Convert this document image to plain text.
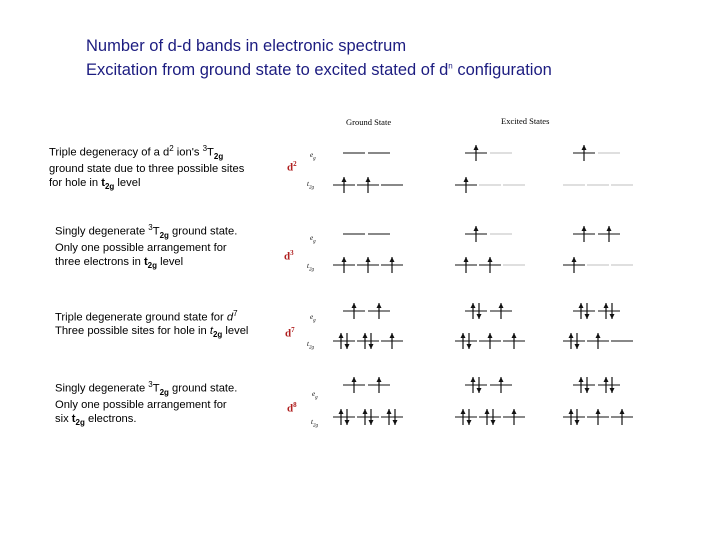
Number of d-d bands in electronic spectrum
Excitation from ground state to excited stated of $d^n$ configuration
Triple degeneracy of a $d^2$ ion's $^3T_{2g}$
ground state due to three possible sites
for hole in $t_{2g}$ level
Singly degenerate $^3T_{2g}$ ground state.
Only one possible arrangement for
three electrons in $t_{2g}$ level
Triple degenerate ground state for $d^7$
Three possible sites for hole in $t_{2g}$ level
Singly degenerate $^3T_{2g}$ ground state.
Only one possible arrangement for
six $t_{2g}$ electrons.
Ground State	Excited States
$d^2$
$d^3$
$d^7$
$d^8$
$e_g$
$t_{2g}$
$e_g$
$t_{2g}$
$e_g$
$t_{2g}$
$e_g$
$t_{2g}$
